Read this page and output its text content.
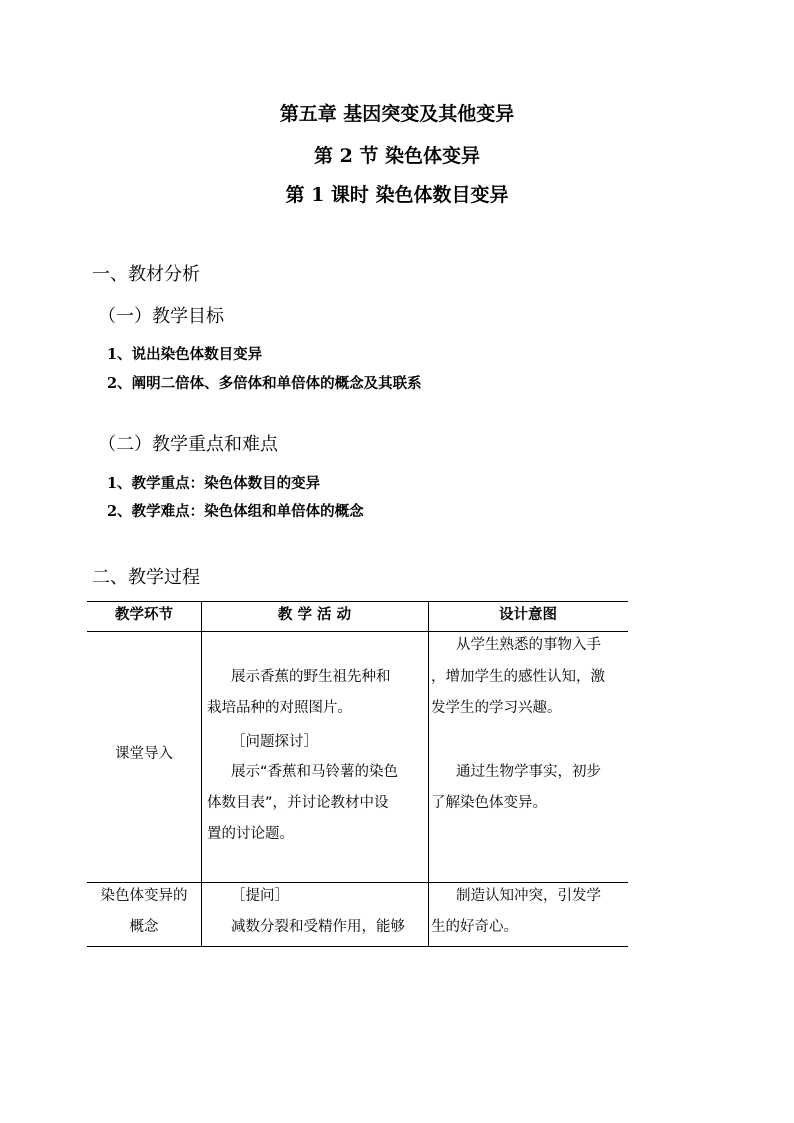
第五章 基因突变及其他变异
第 2 节 染色体变异
第 1 课时 染色体数目变异
一、教材分析
（一）教学目标
1、说出染色体数目变异
2、阐明二倍体、多倍体和单倍体的概念及其联系
（二）教学重点和难点
1、教学重点：染色体数目的变异
2、教学难点：染色体组和单倍体的概念
二、教学过程
教学环节	教 学 活 动	设计意图
课堂导入
展示香蕉的野生祖先种和
栽培品种的对照图片。
［问题探讨］
展示“香蕉和马铃薯的染色
体数目表”，并讨论教材中设
置的讨论题。
从学生熟悉的事物入手
，增加学生的感性认知，激
发学生的学习兴趣。
通过生物学事实，初步
了解染色体变异。
染色体变异的
概念
［提问］
减数分裂和受精作用，能够
制造认知冲突，引发学
生的好奇心。
